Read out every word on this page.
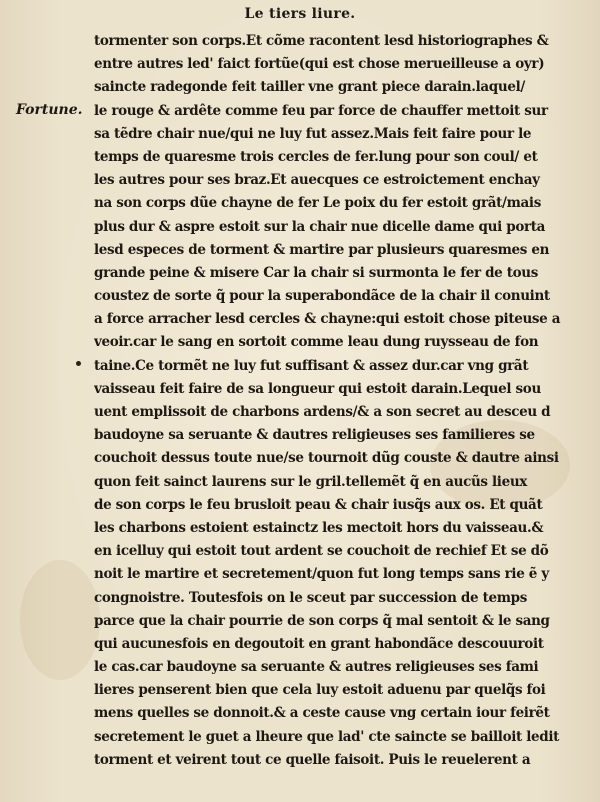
Le tiers liure.
Fortune.
tormenter son corps.Et cõme racontent lesd historiographes &
entre autres led' faict fortũe(qui est chose merueilleuse a oyr)
saincte radegonde feit tailler vne grant piece darain.laquel/
le rouge & ardête comme feu par force de chauffer mettoit sur
sa tẽdre chair nue/qui ne luy fut assez.Mais feit faire pour le
temps de quaresme trois cercles de fer.lung pour son coul/ et
les autres pour ses braz.Et auecques ce estroictement enchay
na son corps dũe chayne de fer Le poix du fer estoit grãt/mais
plus dur & aspre estoit sur la chair nue dicelle dame qui porta
lesd especes de torment & martire par plusieurs quaresmes en
grande peine & misere Car la chair si surmonta le fer de tous
coustez de sorte q̃ pour la superabondãce de la chair il conuint
a force arracher lesd cercles & chayne:qui estoit chose piteuse a
veoir.car le sang en sortoit comme leau dung ruysseau de fon
taine.Ce tormẽt ne luy fut suffisant & assez dur.car vng grãt
vaisseau feit faire de sa longueur qui estoit darain.Lequel sou
uent emplissoit de charbons ardens/& a son secret au desceu d
baudoyne sa seruante & dautres religieuses ses familieres se
couchoit dessus toute nue/se tournoit dũg couste & dautre ainsi
quon feit sainct laurens sur le gril.tellemẽt q̃ en aucũs lieux
de son corps le feu brusloit peau & chair iusq̃s aux os. Et quãt
les charbons estoient estainctz les mectoit hors du vaisseau.&
en icelluy qui estoit tout ardent se couchoit de rechief Et se dõ
noit le martire et secretement/quon fut long temps sans rie ẽ y
congnoistre. Toutesfois on le sceut par succession de temps
parce que la chair pourrie de son corps q̃ mal sentoit & le sang
qui aucunesfois en degoutoit en grant habondãce descouuroit
le cas.car baudoyne sa seruante & autres religieuses ses fami
lieres penserent bien que cela luy estoit aduenu par quelq̃s foi
mens quelles se donnoit.& a ceste cause vng certain iour feirẽt
secretement le guet a lheure que lad' cte saincte se bailloit ledit
torment et veirent tout ce quelle faisoit. Puis le reuelerent a
